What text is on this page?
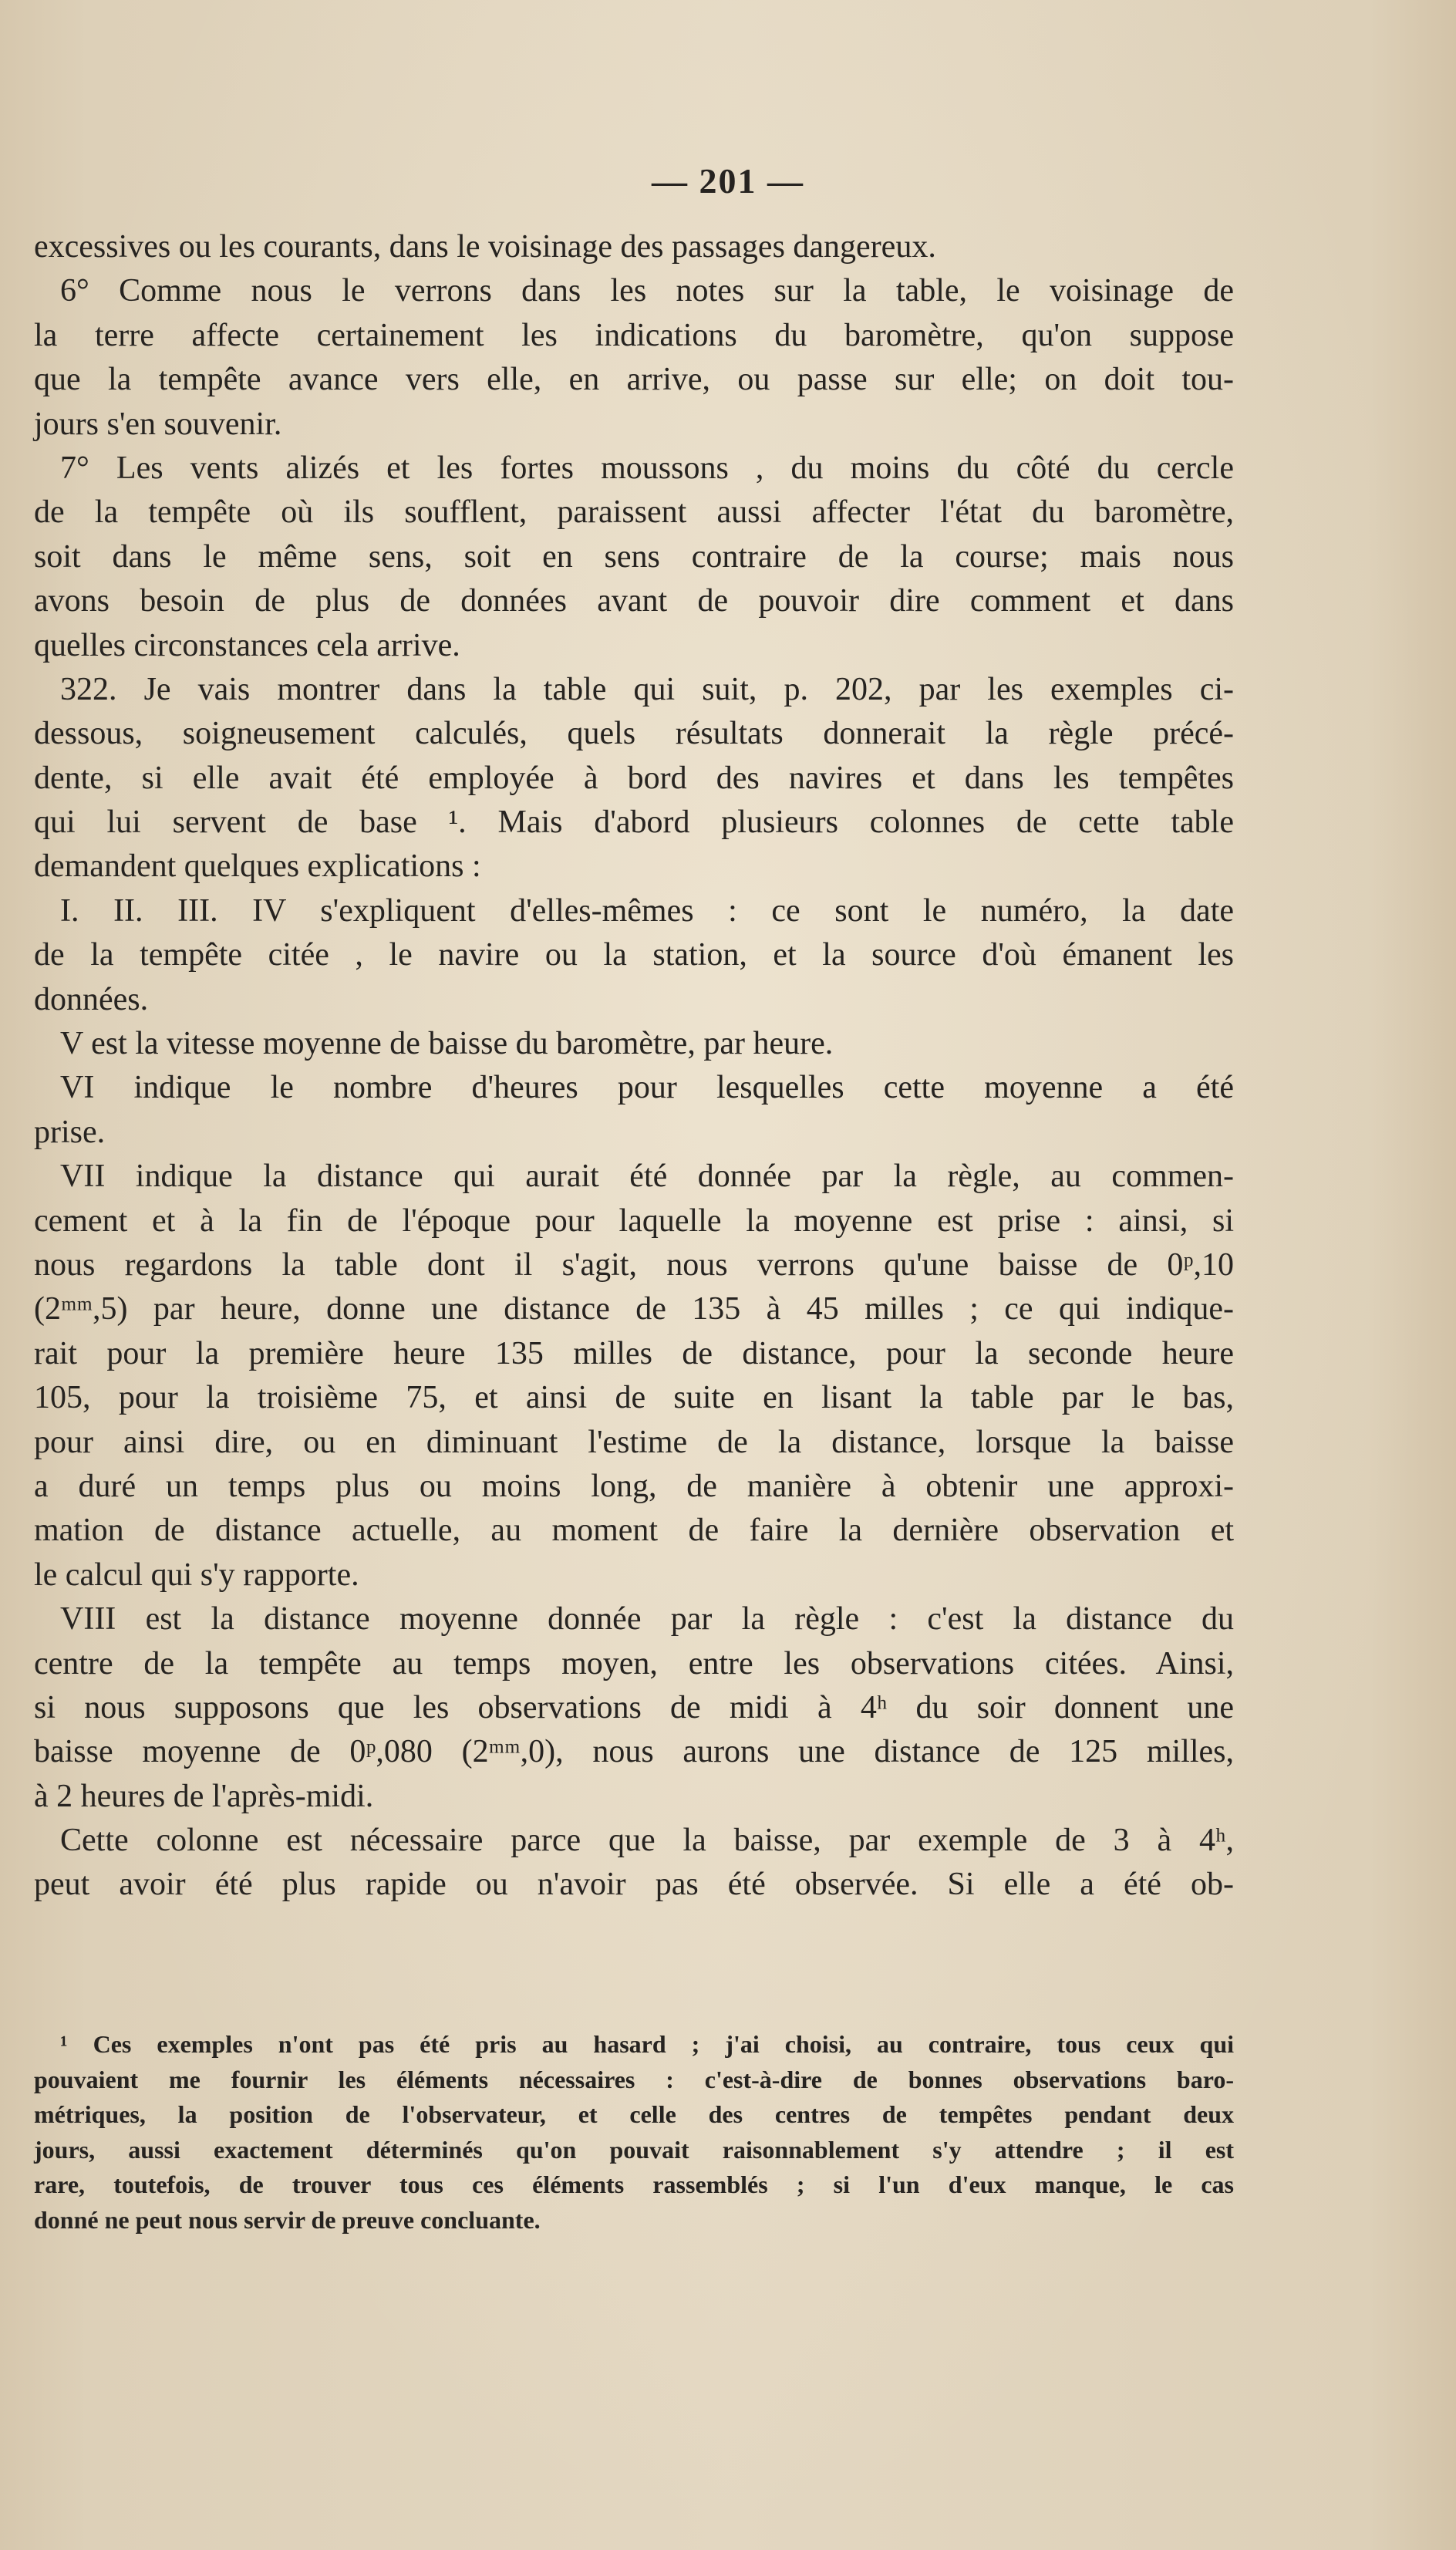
— 201 —
excessives ou les courants, dans le voisinage des passages dangereux.
6° Comme nous le verrons dans les notes sur la table, le voisinage de
la terre affecte certainement les indications du baromètre, qu'on suppose
que la tempête avance vers elle, en arrive, ou passe sur elle; on doit tou-
jours s'en souvenir.
7° Les vents alizés et les fortes moussons , du moins du côté du cercle
de la tempête où ils soufflent, paraissent aussi affecter l'état du baromètre,
soit dans le même sens, soit en sens contraire de la course; mais nous
avons besoin de plus de données avant de pouvoir dire comment et dans
quelles circonstances cela arrive.
322. Je vais montrer dans la table qui suit, p. 202, par les exemples ci-
dessous, soigneusement calculés, quels résultats donnerait la règle précé-
dente, si elle avait été employée à bord des navires et dans les tempêtes
qui lui servent de base ¹. Mais d'abord plusieurs colonnes de cette table
demandent quelques explications :
I. II. III. IV s'expliquent d'elles-mêmes : ce sont le numéro, la date
de la tempête citée , le navire ou la station, et la source d'où émanent les
données.
V est la vitesse moyenne de baisse du baromètre, par heure.
VI indique le nombre d'heures pour lesquelles cette moyenne a été
prise.
VII indique la distance qui aurait été donnée par la règle, au commen-
cement et à la fin de l'époque pour laquelle la moyenne est prise : ainsi, si
nous regardons la table dont il s'agit, nous verrons qu'une baisse de 0ᵖ,10
(2ᵐᵐ,5) par heure, donne une distance de 135 à 45 milles ; ce qui indique-
rait pour la première heure 135 milles de distance, pour la seconde heure
105, pour la troisième 75, et ainsi de suite en lisant la table par le bas,
pour ainsi dire, ou en diminuant l'estime de la distance, lorsque la baisse
a duré un temps plus ou moins long, de manière à obtenir une approxi-
mation de distance actuelle, au moment de faire la dernière observation et
le calcul qui s'y rapporte.
VIII est la distance moyenne donnée par la règle : c'est la distance du
centre de la tempête au temps moyen, entre les observations citées. Ainsi,
si nous supposons que les observations de midi à 4ʰ du soir donnent une
baisse moyenne de 0ᵖ,080 (2ᵐᵐ,0), nous aurons une distance de 125 milles,
à 2 heures de l'après-midi.
Cette colonne est nécessaire parce que la baisse, par exemple de 3 à 4ʰ,
peut avoir été plus rapide ou n'avoir pas été observée. Si elle a été ob-
¹ Ces exemples n'ont pas été pris au hasard ; j'ai choisi, au contraire, tous ceux qui
pouvaient me fournir les éléments nécessaires : c'est-à-dire de bonnes observations baro-
métriques, la position de l'observateur, et celle des centres de tempêtes pendant deux
jours, aussi exactement déterminés qu'on pouvait raisonnablement s'y attendre ; il est
rare, toutefois, de trouver tous ces éléments rassemblés ; si l'un d'eux manque, le cas
donné ne peut nous servir de preuve concluante.
